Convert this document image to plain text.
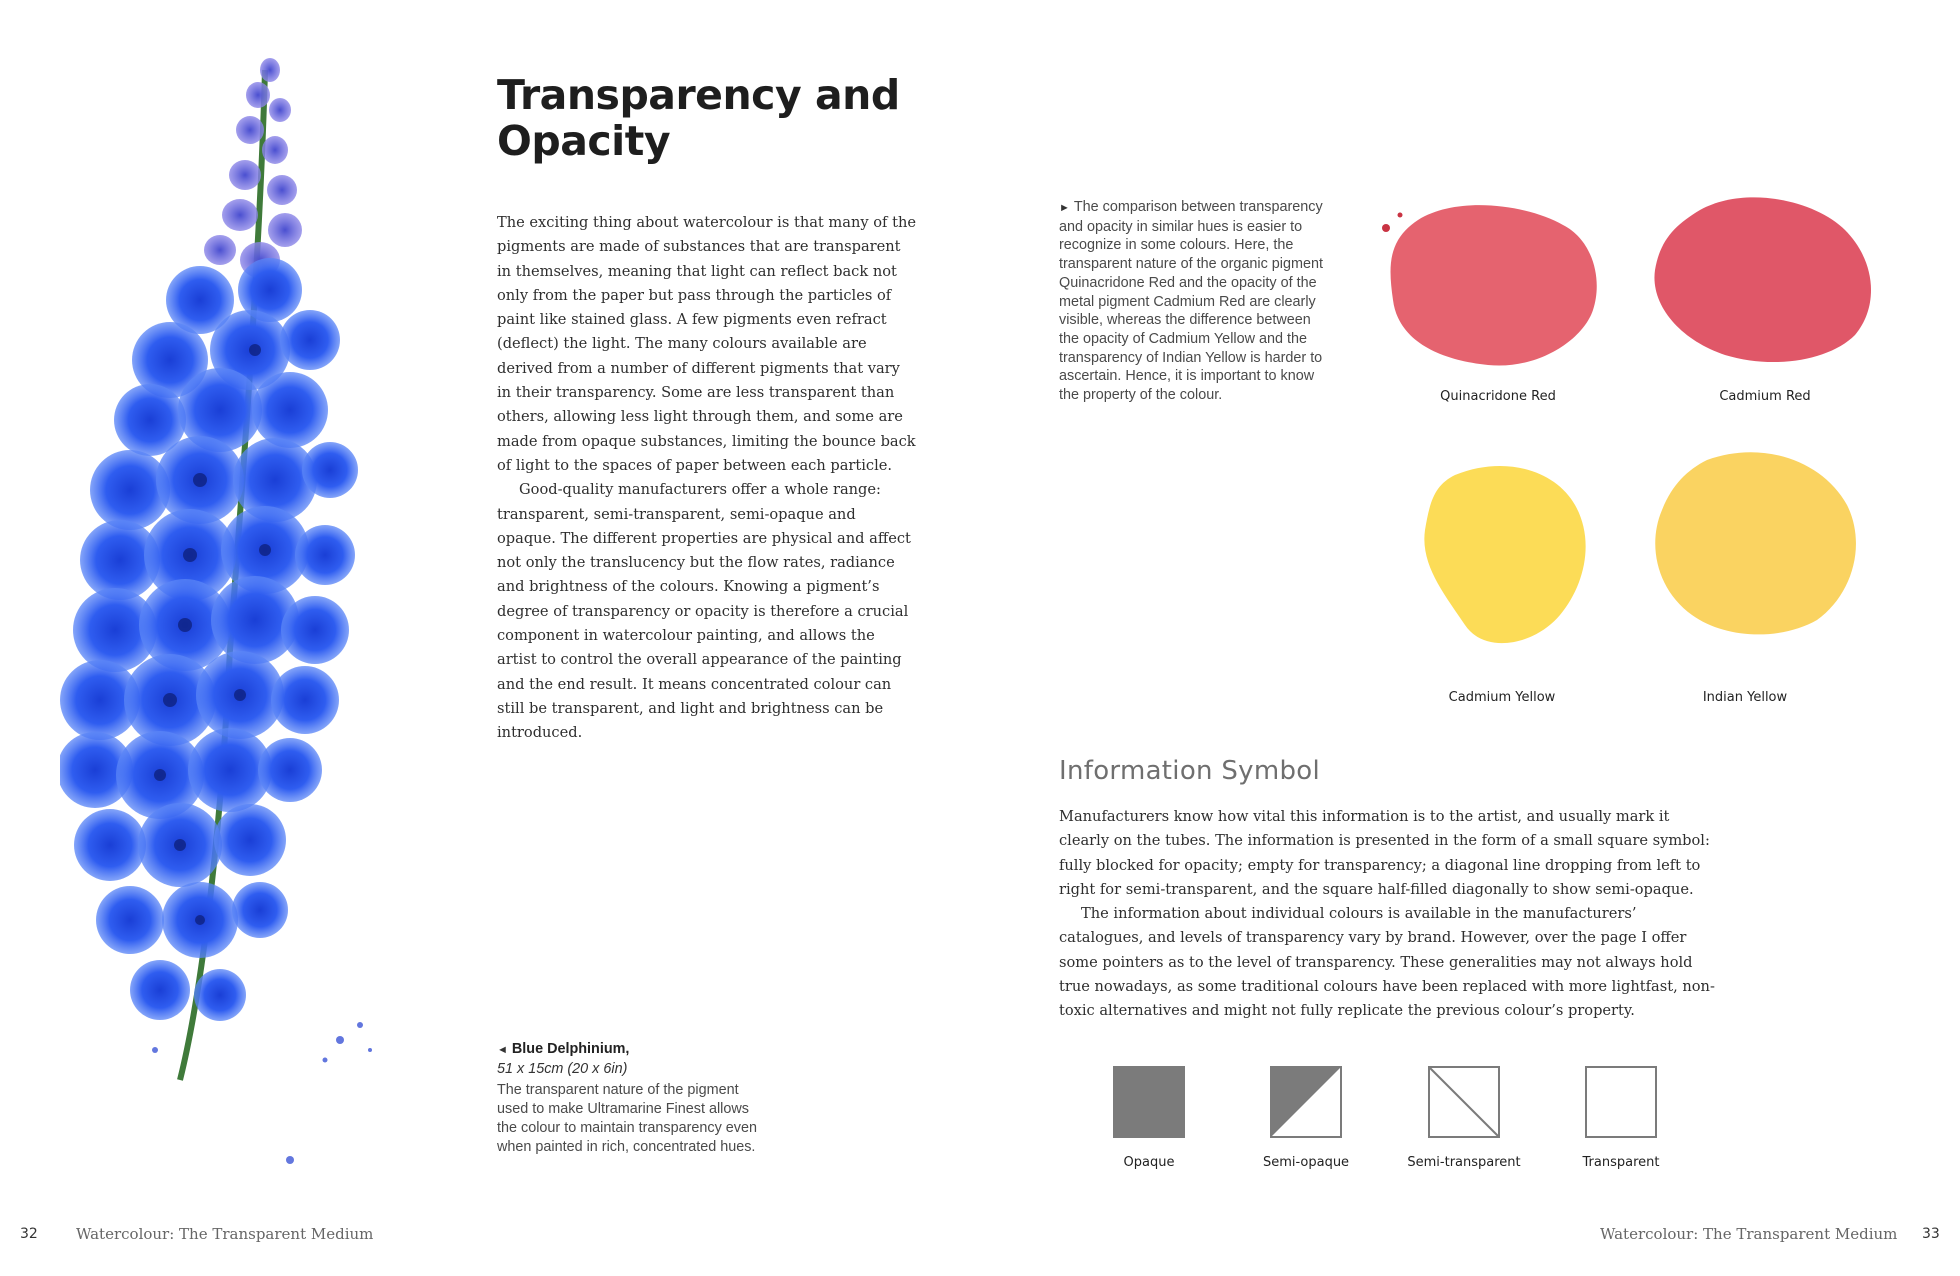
Transparency and Opacity

The exciting thing about watercolour is that many of the pigments are made of substances that are transparent in themselves, meaning that light can reflect back not only from the paper but pass through the particles of paint like stained glass. A few pigments even refract (deflect) the light. The many colours available are derived from a number of different pigments that vary in their transparency. Some are less transparent than others, allowing less light through them, and some are made from opaque substances, limiting the bounce back of light to the spaces of paper between each particle.

Good-quality manufacturers offer a whole range: transparent, semi-transparent, semi-opaque and opaque. The different properties are physical and affect not only the translucency but the flow rates, radiance and brightness of the colours. Knowing a pigment’s degree of transparency or opacity is therefore a crucial component in watercolour painting, and allows the artist to control the overall appearance of the painting and the end result. It means concentrated colour can still be transparent, and light and brightness can be introduced.

◄ Blue Delphinium,
51 x 15cm (20 x 6in)
The transparent nature of the pigment used to make Ultramarine Finest allows the colour to maintain transparency even when painted in rich, concentrated hues.
32	Watercolour: The Transparent Medium
► The comparison between transparency and opacity in similar hues is easier to recognize in some colours. Here, the transparent nature of the organic pigment Quinacridone Red and the opacity of the metal pigment Cadmium Red are clearly visible, whereas the difference between the opacity of Cadmium Yellow and the transparency of Indian Yellow is harder to ascertain. Hence, it is important to know the property of the colour.	Quinacridone Red	Cadmium Red
Cadmium Yellow	Indian Yellow
Information Symbol

Manufacturers know how vital this information is to the artist, and usually mark it clearly on the tubes. The information is presented in the form of a small square symbol: fully blocked for opacity; empty for transparency; a diagonal line dropping from left to right for semi-transparent, and the square half-filled diagonally to show semi-opaque.

The information about individual colours is available in the manufacturers’ catalogues, and levels of transparency vary by brand. However, over the page I offer some pointers as to the level of transparency. These generalities may not always hold true nowadays, as some traditional colours have been replaced with more lightfast, non-toxic alternatives and might not fully replicate the previous colour’s property.

Opaque	Semi-opaque	Semi-transparent	Transparent
Watercolour: The Transparent Medium 33
